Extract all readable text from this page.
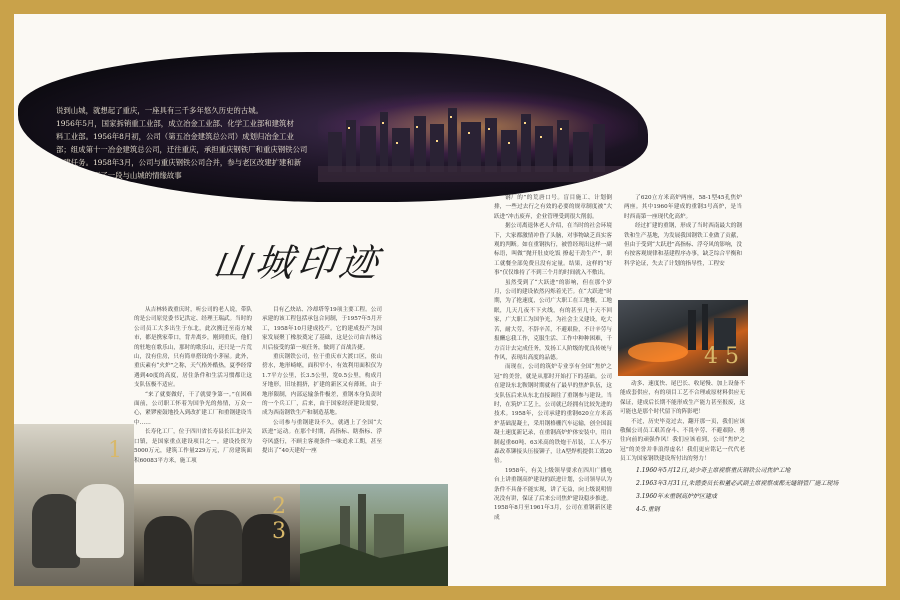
说到山城，就想起了重庆，一座具有三千多年悠久历史的古城。

1956年5月，国家拆销重工业部，成立冶金工业部、化学工业部和建筑材

料工业部。1956年8月初，公司（第五冶金建筑总公司）成划归冶金工业

部；组成第十一冶金建筑总公司，迁往重庆，承担重庆钢铁厂和重庆钢铁公司

扩建任务。1958年3月，公司与重庆钢铁公司合并，参与老区改建扩建和新

区建设，留下了一段与山城的情缘故事

山城印迹

从吉林转战重庆时，听公司的老人说，带队的是公司原党委书记洪定、经理王瑞武。当时的公司员工大多出生于东北，此次搬迁至南方城市，都是携家带口，背井离乡，刚到重庆，他们的驻地在歌乐山，那时的歌乐山，还只是一片荒山，没有住房，只有简单搭设的小茅屋。此外，重庆素有“火炉”之称，天气格外酷热，夏季经常遇到40度的高度，居住条件和生活习惯都让这支队伍极不适应。

“来了就要做好，干了就要争第一。”在困难面前，公司职工怀着为国争光的热情，万众一心，紧锣密鼓地投入到改扩建工厂和重钢建设当中……

长寿化工厂，位于四川省长寿县长江北岸关口镇，是国家重点建设项目之一。建设投资为5000万元，建筑工作量229万元，厂房建筑面积60083平方米，施工项

目有乙炔站、冷却塔等19项主要工程。公司承建的该工程包括承包合同制，于1957年5月开工，1958年10月建成投产。它的建成投产为国家发展聚丁橡胶奠定了基础，这是公司由吉林远川后接受的第一项任务，做到了首战告捷。

重庆钢铁公司，位于重庆市大渡口区，依山傍水，地形崎岖，面积窄小，有效利用面积仅为1.7平方公里，长3.5公里，宽0.5公里，构成月牙地形，旧址拥挤，扩建的新区又有薄斑，由于地形限制，内部运输条件极差，重钢本身负责时的一个兵工厂，后来，由于国家经济建设需要，成为西南钢铁生产和制造基地。

公司参与重钢建设不久，就遇上了全国“大跃进”运动。在那个时期，高指标、瞎指标、浮夸风盛行，不顾主客观条件一味追求工期，甚至提出了“40天建好一座

钢厂的”的荒唐口号。盲目施工、计划倒排，一些过去行之有效的必要的规章制度被“大跃进”冲击废弃，企业管理受到很大削弱。

据公司离退休老人介绍，在当时的社会环境下，大家都激情冲昏了头脑，对事物缺乏真实客观的判断。如在重钢执行，被曾经现出这样一副标语，叫做“抛开肚皮吃饭 撩起干劲生产”，职工就餐全部免费且没有定量。结果，这样的“好事”仅仅维持了不到三个月的时间就入不敷出。

虽然受到了“大跃进”的影响，但在那个岁月，公司的建设依然闪烁着光芒。在“大跃进”时期，为了抢速度，公司广大职工在工地餐，工地眠，几天几夜不下火线，有的甚至几十天不回家，广大职工为国争光，为社会主义建设，吃大苦，耐大劳，不辞辛苦，不避艰险，不计辛劳与报酬忘我工作，克服生活、工作中种种困难，千方百计去完成任务，发扬工人阶级的优良传统与作风，表现出高度的品德。

而现在，公司的筑炉专业享有全国“焦炉之冠”的美誉，就是从那时开始打下的基础。公司在建设东北鞍钢时期就有了最早的焦炉队伍，这支队伍后来从东北直接调往了重钢参与建设。当时，在筑炉工艺上，公司就已经拥有比较先进的技术。1958年，公司承建的重钢620立方米高炉基础混凝土，采用钢格栅汽车运输，创全国混凝土速度新记录，在重钢高炉炉体安装中，用自制起重60吨、63米高的铁炮干吊装，工人李万森改革铆接头压接铆子，让A型焊机提供工效20倍。

1958年，有关上级领导要求在四川广播电台上讲重钢高炉建设的跃进计划，公司领导认为条件不具备不能实现，讲了无益，向上级说明情况没有讲，保证了后来公司焦炉建设稳步推进。1958年8月至1961年3月，公司在重钢新区建成

了620立方米高炉两座，58-1型45孔焦炉两座。其中1960年建成的重钢3号高炉，是当时西南第一座现代化高炉。

经过扩建的重钢，形成了当时西南最大的钢铁和生产基地，为发展我国钢铁工业做了贡献，但由于受到“大跃进”高指标、浮夸风的影响，没有按客观规律和基建程序办事，缺乏综合平衡和科学论证，失去了计划的指导性，工程安

4 5

动多、速度快、尾巴长、收尾慢、加上设备不能成套供应，有的项目工艺不合理或原材料供应无保证，建成后长期不能形成生产能力甚至报废，这可能也是那个时代留下的阵影吧！

不过，历史毕竟过去，翻开那一页，我们应该敬佩公司员工艰苦奋斗、不畏辛劳、不避艰险、勇往向前的顽强作风！我们应该看到，公司“焦炉之冠”的美誉并非浪得虚名！我们更应铭记一代代老员工为国家钢铁建设所付出的努力！

1.1960年5月12日,刘少奇主席视察重庆钢铁公司焦炉工地
2.1963年3月31日,朱德委员长和董必武副主席视察成都无缝钢管厂施工现场
3.1960年末重钢高炉炉区建成
4-5.重钢
1
2 3
